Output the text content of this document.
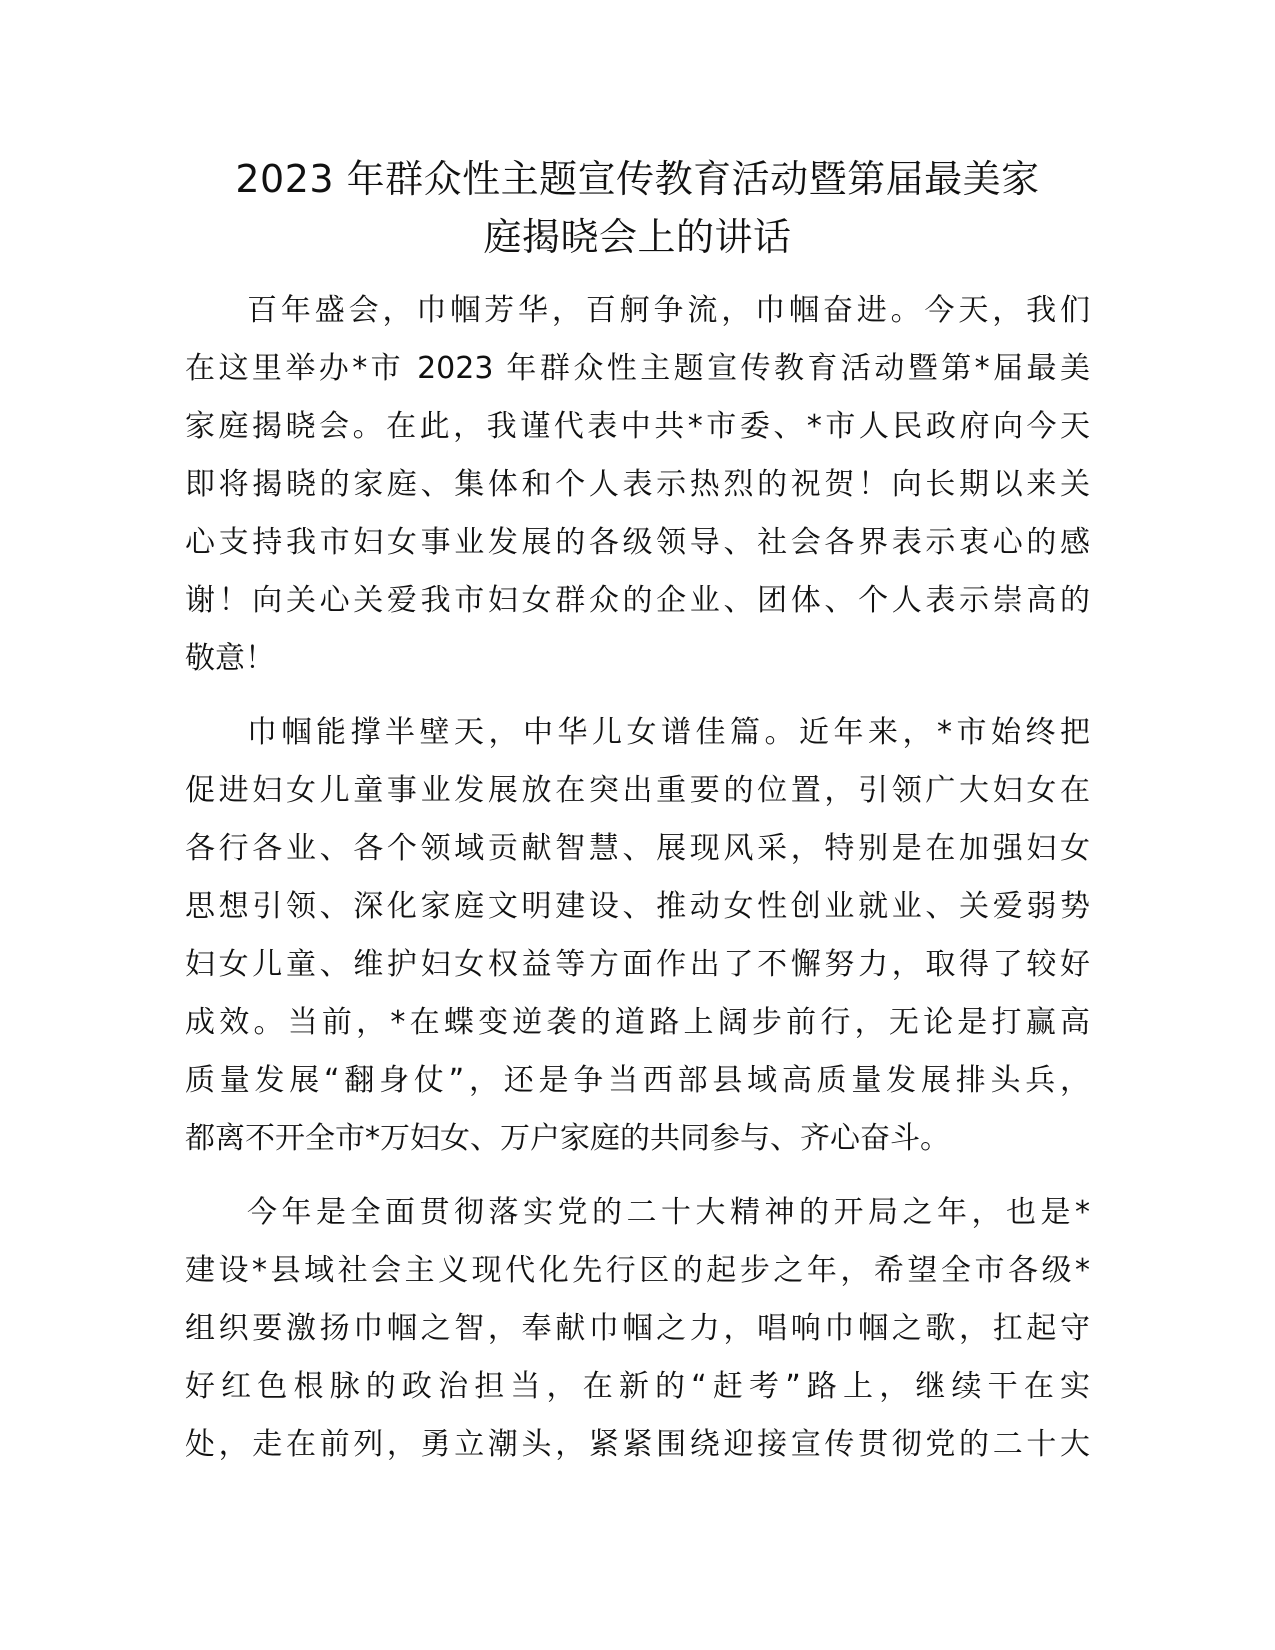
2023 年群众性主题宣传教育活动暨第届最美家
庭揭晓会上的讲话

百年盛会，巾帼芳华，百舸争流，巾帼奋进。今天，我们
在这里举办*市 2023 年群众性主题宣传教育活动暨第*届最美
家庭揭晓会。在此，我谨代表中共*市委、*市人民政府向今天
即将揭晓的家庭、集体和个人表示热烈的祝贺！向长期以来关
心支持我市妇女事业发展的各级领导、社会各界表示衷心的感
谢！向关心关爱我市妇女群众的企业、团体、个人表示崇高的
敬意！

巾帼能撑半壁天，中华儿女谱佳篇。近年来，*市始终把
促进妇女儿童事业发展放在突出重要的位置，引领广大妇女在
各行各业、各个领域贡献智慧、展现风采，特别是在加强妇女
思想引领、深化家庭文明建设、推动女性创业就业、关爱弱势
妇女儿童、维护妇女权益等方面作出了不懈努力，取得了较好
成效。当前，*在蝶变逆袭的道路上阔步前行，无论是打赢高
质量发展“翻身仗”，还是争当西部县域高质量发展排头兵，
都离不开全市*万妇女、万户家庭的共同参与、齐心奋斗。

今年是全面贯彻落实党的二十大精神的开局之年，也是*
建设*县域社会主义现代化先行区的起步之年，希望全市各级*
组织要激扬巾帼之智，奉献巾帼之力，唱响巾帼之歌，扛起守
好红色根脉的政治担当，在新的“赶考”路上，继续干在实
处，走在前列，勇立潮头，紧紧围绕迎接宣传贯彻党的二十大
